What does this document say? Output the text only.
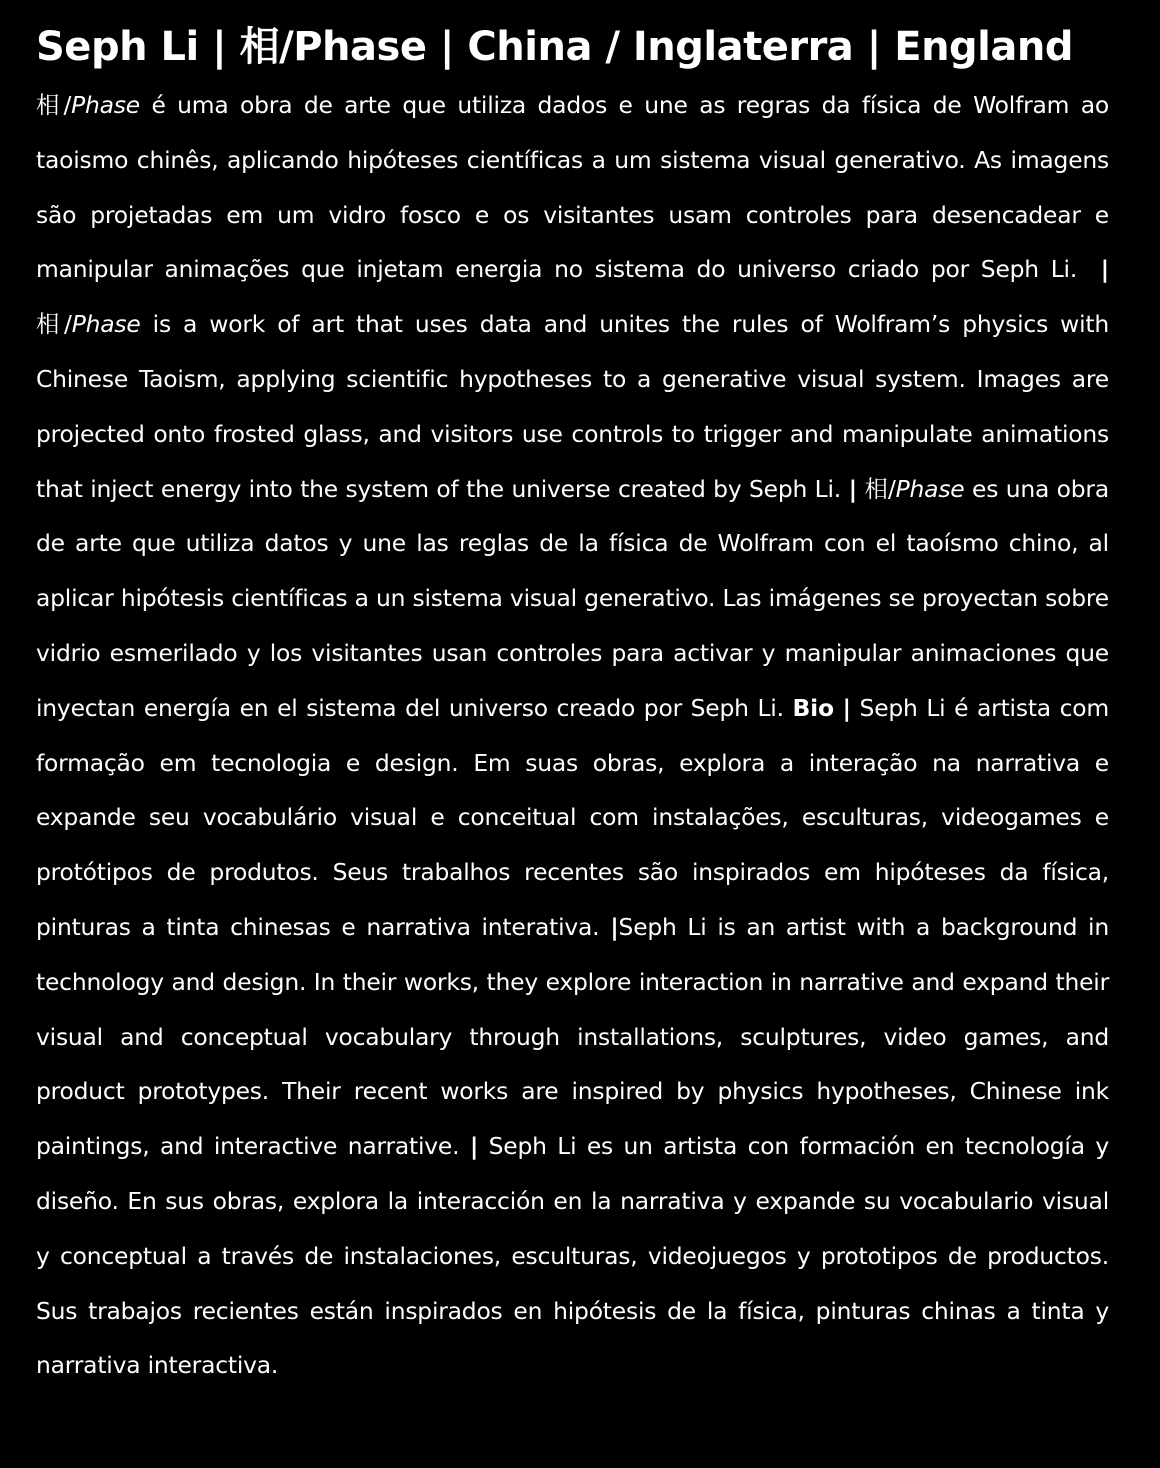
Seph Li | 相/Phase | China / Inglaterra | England

相/Phase é uma obra de arte que utiliza dados e une as regras da física de Wolfram ao taoismo chinês, aplicando hipóteses científicas a um sistema visual generativo. As imagens são projetadas em um vidro fosco e os visitantes usam controles para desencadear e manipular animações que injetam energia no sistema do universo criado por Seph Li. | 相/Phase is a work of art that uses data and unites the rules of Wolfram’s physics with Chinese Taoism, applying scientific hypotheses to a generative visual system. Images are projected onto frosted glass, and visitors use controls to trigger and manipulate animations that inject energy into the system of the universe created by Seph Li. | 相/Phase es una obra de arte que utiliza datos y une las reglas de la física de Wolfram con el taoísmo chino, al aplicar hipótesis científicas a un sistema visual generativo. Las imágenes se proyectan sobre vidrio esmerilado y los visitantes usan controles para activar y manipular animaciones que inyectan energía en el sistema del universo creado por Seph Li. Bio | Seph Li é artista com formação em tecnologia e design. Em suas obras, explora a interação na narrativa e expande seu vocabulário visual e conceitual com instalações, esculturas, videogames e protótipos de produtos. Seus trabalhos recentes são inspirados em hipóteses da física, pinturas a tinta chinesas e narrativa interativa. |Seph Li is an artist with a background in technology and design. In their works, they explore interaction in narrative and expand their visual and conceptual vocabulary through installations, sculptures, video games, and product prototypes. Their recent works are inspired by physics hypotheses, Chinese ink paintings, and interactive narrative. | Seph Li es un artista con formación en tecnología y diseño. En sus obras, explora la interacción en la narrativa y expande su vocabulario visual y conceptual a través de instalaciones, esculturas, videojuegos y prototipos de productos. Sus trabajos recientes están inspirados en hipótesis de la física, pinturas chinas a tinta y narrativa interactiva.
